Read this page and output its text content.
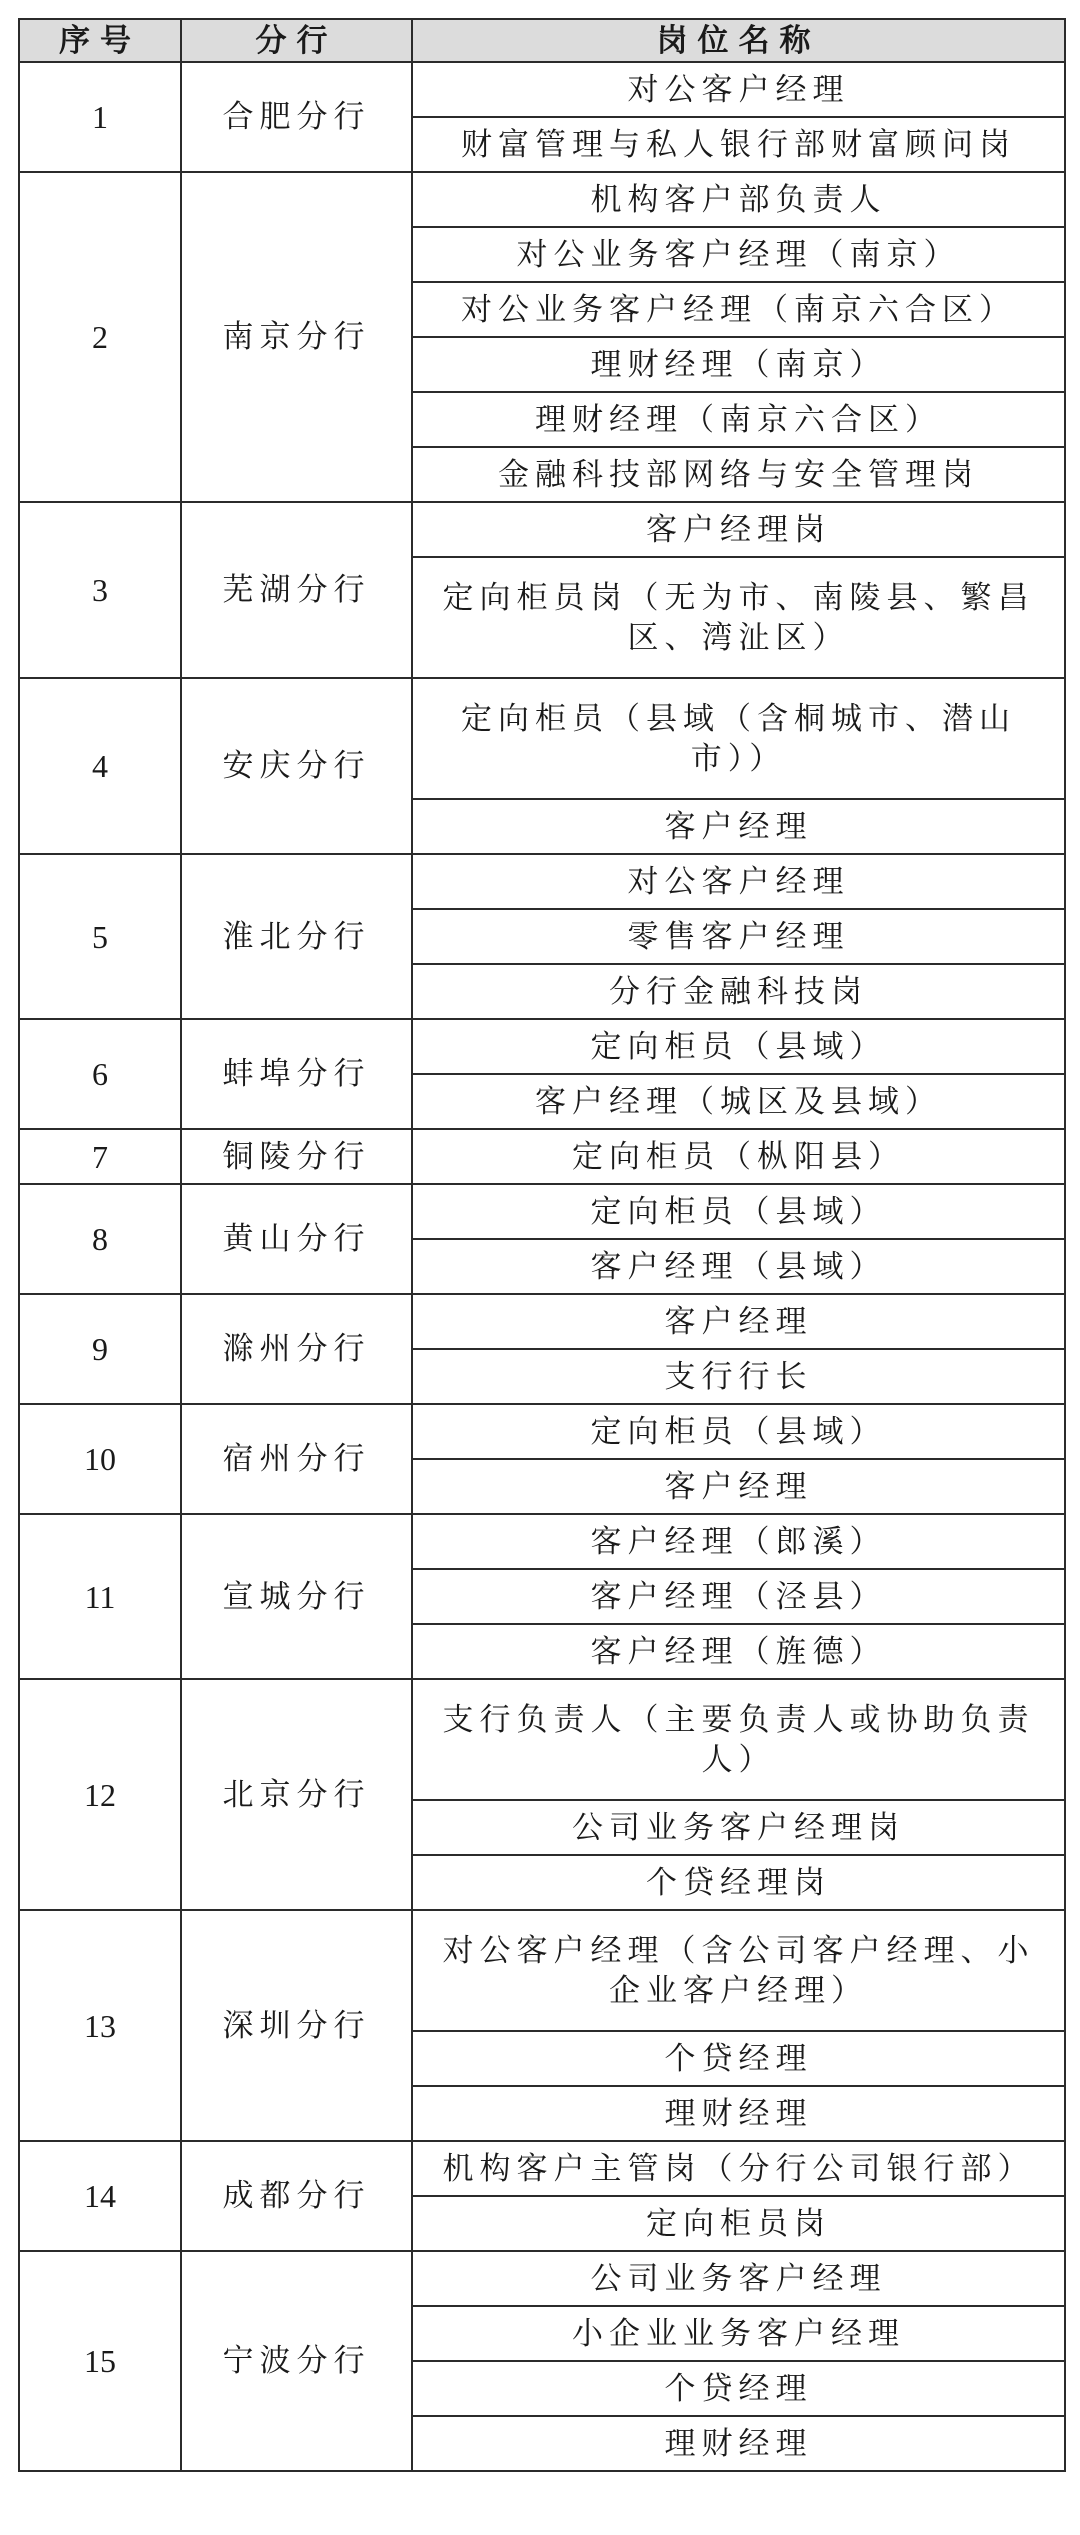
序号	分行	岗位名称
1	合肥分行	对公客户经理
		财富管理与私人银行部财富顾问岗
2	南京分行	机构客户部负责人
		对公业务客户经理（南京）
		对公业务客户经理（南京六合区）
		理财经理（南京）
		理财经理（南京六合区）
		金融科技部网络与安全管理岗
3	芜湖分行	客户经理岗
		定向柜员岗（无为市、南陵县、繁昌区、湾沚区）
4	安庆分行	定向柜员（县域（含桐城市、潜山市））
		客户经理
5	淮北分行	对公客户经理
		零售客户经理
		分行金融科技岗
6	蚌埠分行	定向柜员（县域）
		客户经理（城区及县域）
7	铜陵分行	定向柜员（枞阳县）
8	黄山分行	定向柜员（县域）
		客户经理（县域）
9	滁州分行	客户经理
		支行行长
10	宿州分行	定向柜员（县域）
		客户经理
11	宣城分行	客户经理（郎溪）
		客户经理（泾县）
		客户经理（旌德）
12	北京分行	支行负责人（主要负责人或协助负责人）
		公司业务客户经理岗
		个贷经理岗
13	深圳分行	对公客户经理（含公司客户经理、小企业客户经理）
		个贷经理
		理财经理
14	成都分行	机构客户主管岗（分行公司银行部）
		定向柜员岗
15	宁波分行	公司业务客户经理
		小企业业务客户经理
		个贷经理
		理财经理
